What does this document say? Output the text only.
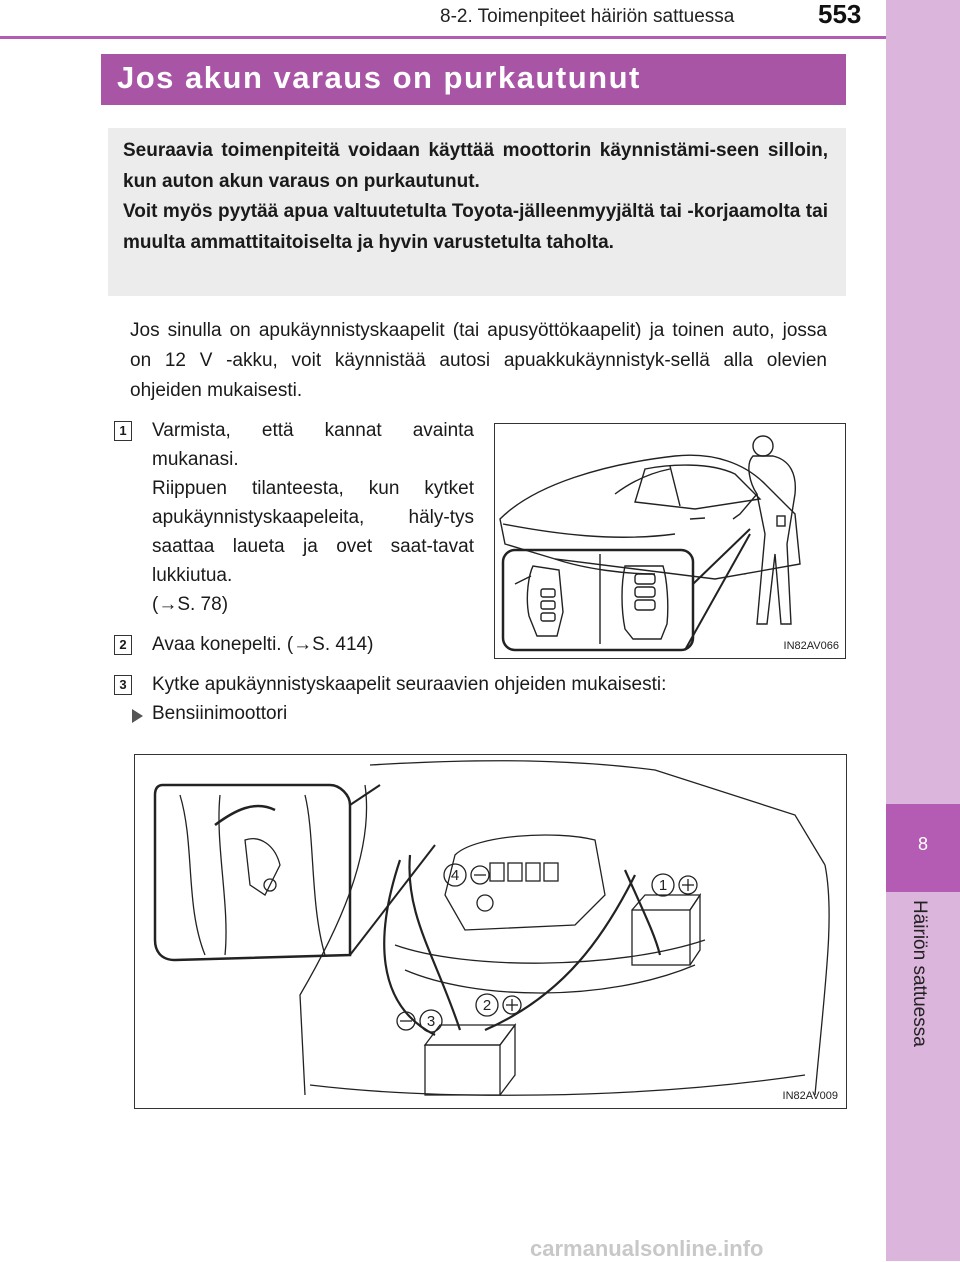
8-2. Toimenpiteet häiriön sattuessa	553
8
Häiriön sattuessa
Jos akun varaus on purkautunut

Seuraavia toimenpiteitä voidaan käyttää moottorin käynnistämi-seen silloin, kun auton akun varaus on purkautunut.

Voit myös pyytää apua valtuutetulta Toyota-jälleenmyyjältä tai -korjaamolta tai muulta ammattitaitoiselta ja hyvin varustetulta taholta.

Jos sinulla on apukäynnistyskaapelit (tai apusyöttökaapelit) ja toinen auto, jossa on 12 V -akku, voit käynnistää autosi apuakkukäynnistyk-sellä alla olevien ohjeiden mukaisesti.
1 Varmista, että kannat avainta mukanasi.

Riippuen tilanteesta, kun kytket apukäynnistyskaapeleita, häly-tys saattaa laueta ja ovet saat-tavat lukkiutua.

(→S. 78)

2 Avaa konepelti. (→S. 414)
3 Kytke apukäynnistyskaapelit seuraavien ohjeiden mukaisesti:
Bensiinimoottori
IN82AV066
4
1
2
3
IN82AV009
carmanualsonline.info
